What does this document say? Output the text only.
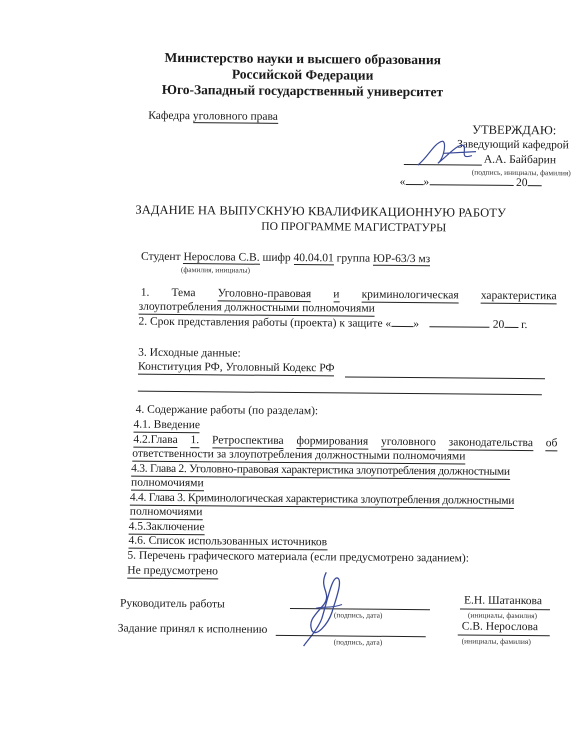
Министерство науки и высшего образования
Российской Федерации
Юго-Западный государственный университет
Кафедра уголовного права
УТВЕРЖДАЮ:
Заведующий кафедрой
А.А. Байбарин
(подпись, инициалы, фамилия)
« »	20
ЗАДАНИЕ НА ВЫПУСКНУЮ КВАЛИФИКАЦИОННУЮ РАБОТУ
ПО ПРОГРАММЕ МАГИСТРАТУРЫ
Студент Нерослова С.В. шифр 40.04.01 группа ЮР-63/3 мз
(фамилия, инициалы)
1. Тема Уголовно-правовая и криминологическая характеристика
злоупотребления должностными полномочиями
2. Срок представления работы (проекта) к защите « »	20 г.
3. Исходные данные:
Конституция РФ, Уголовный Кодекс РФ
4. Содержание работы (по разделам):
4.1. Введение
4.2.Глава 1. Ретроспектива формирования уголовного законодательства об
ответственности за злоупотребления должностными полномочиями
4.3. Глава 2. Уголовно-правовая характеристика злоупотребления должностными
полномочиями
4.4. Глава 3. Криминологическая характеристика злоупотребления должностными
полномочиями
4.5.Заключение
4.6. Список использованных источников
5. Перечень графического материала (если предусмотрено заданием):
Не предусмотрено
Руководитель работы
(подпись, дата)
Е.Н. Шатанкова
(инициалы, фамилия)
Задание принял к исполнению
(подпись, дата)
С.В. Нерослова
(инициалы, фамилия)
